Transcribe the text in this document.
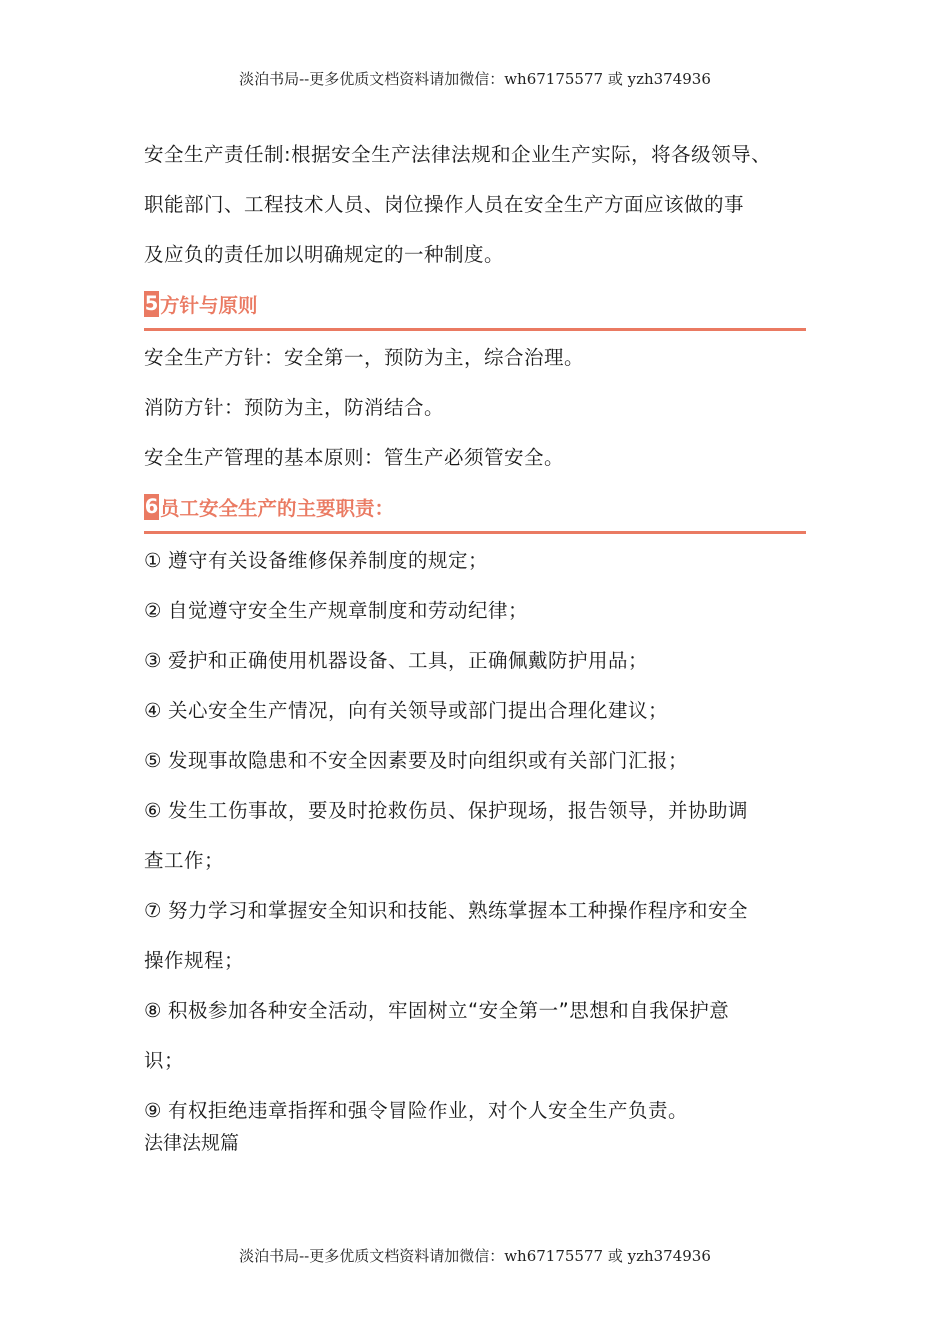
淡泊书局--更多优质文档资料请加微信：wh67175577 或 yzh374936

安全生产责任制:根据安全生产法律法规和企业生产实际，将各级领导、

职能部门、工程技术人员、岗位操作人员在安全生产方面应该做的事

及应负的责任加以明确规定的一种制度。

5 方针与原则

安全生产方针：安全第一，预防为主，综合治理。

消防方针：预防为主，防消结合。

安全生产管理的基本原则：管生产必须管安全。

6 员工安全生产的主要职责：

① 遵守有关设备维修保养制度的规定；

② 自觉遵守安全生产规章制度和劳动纪律；

③ 爱护和正确使用机器设备、工具，正确佩戴防护用品；

④ 关心安全生产情况，向有关领导或部门提出合理化建议；

⑤ 发现事故隐患和不安全因素要及时向组织或有关部门汇报；

⑥ 发生工伤事故，要及时抢救伤员、保护现场，报告领导，并协助调

查工作；

⑦ 努力学习和掌握安全知识和技能、熟练掌握本工种操作程序和安全

操作规程；

⑧ 积极参加各种安全活动，牢固树立“安全第一”思想和自我保护意

识；

⑨ 有权拒绝违章指挥和强令冒险作业，对个人安全生产负责。

法律法规篇
淡泊书局--更多优质文档资料请加微信：wh67175577 或 yzh374936
